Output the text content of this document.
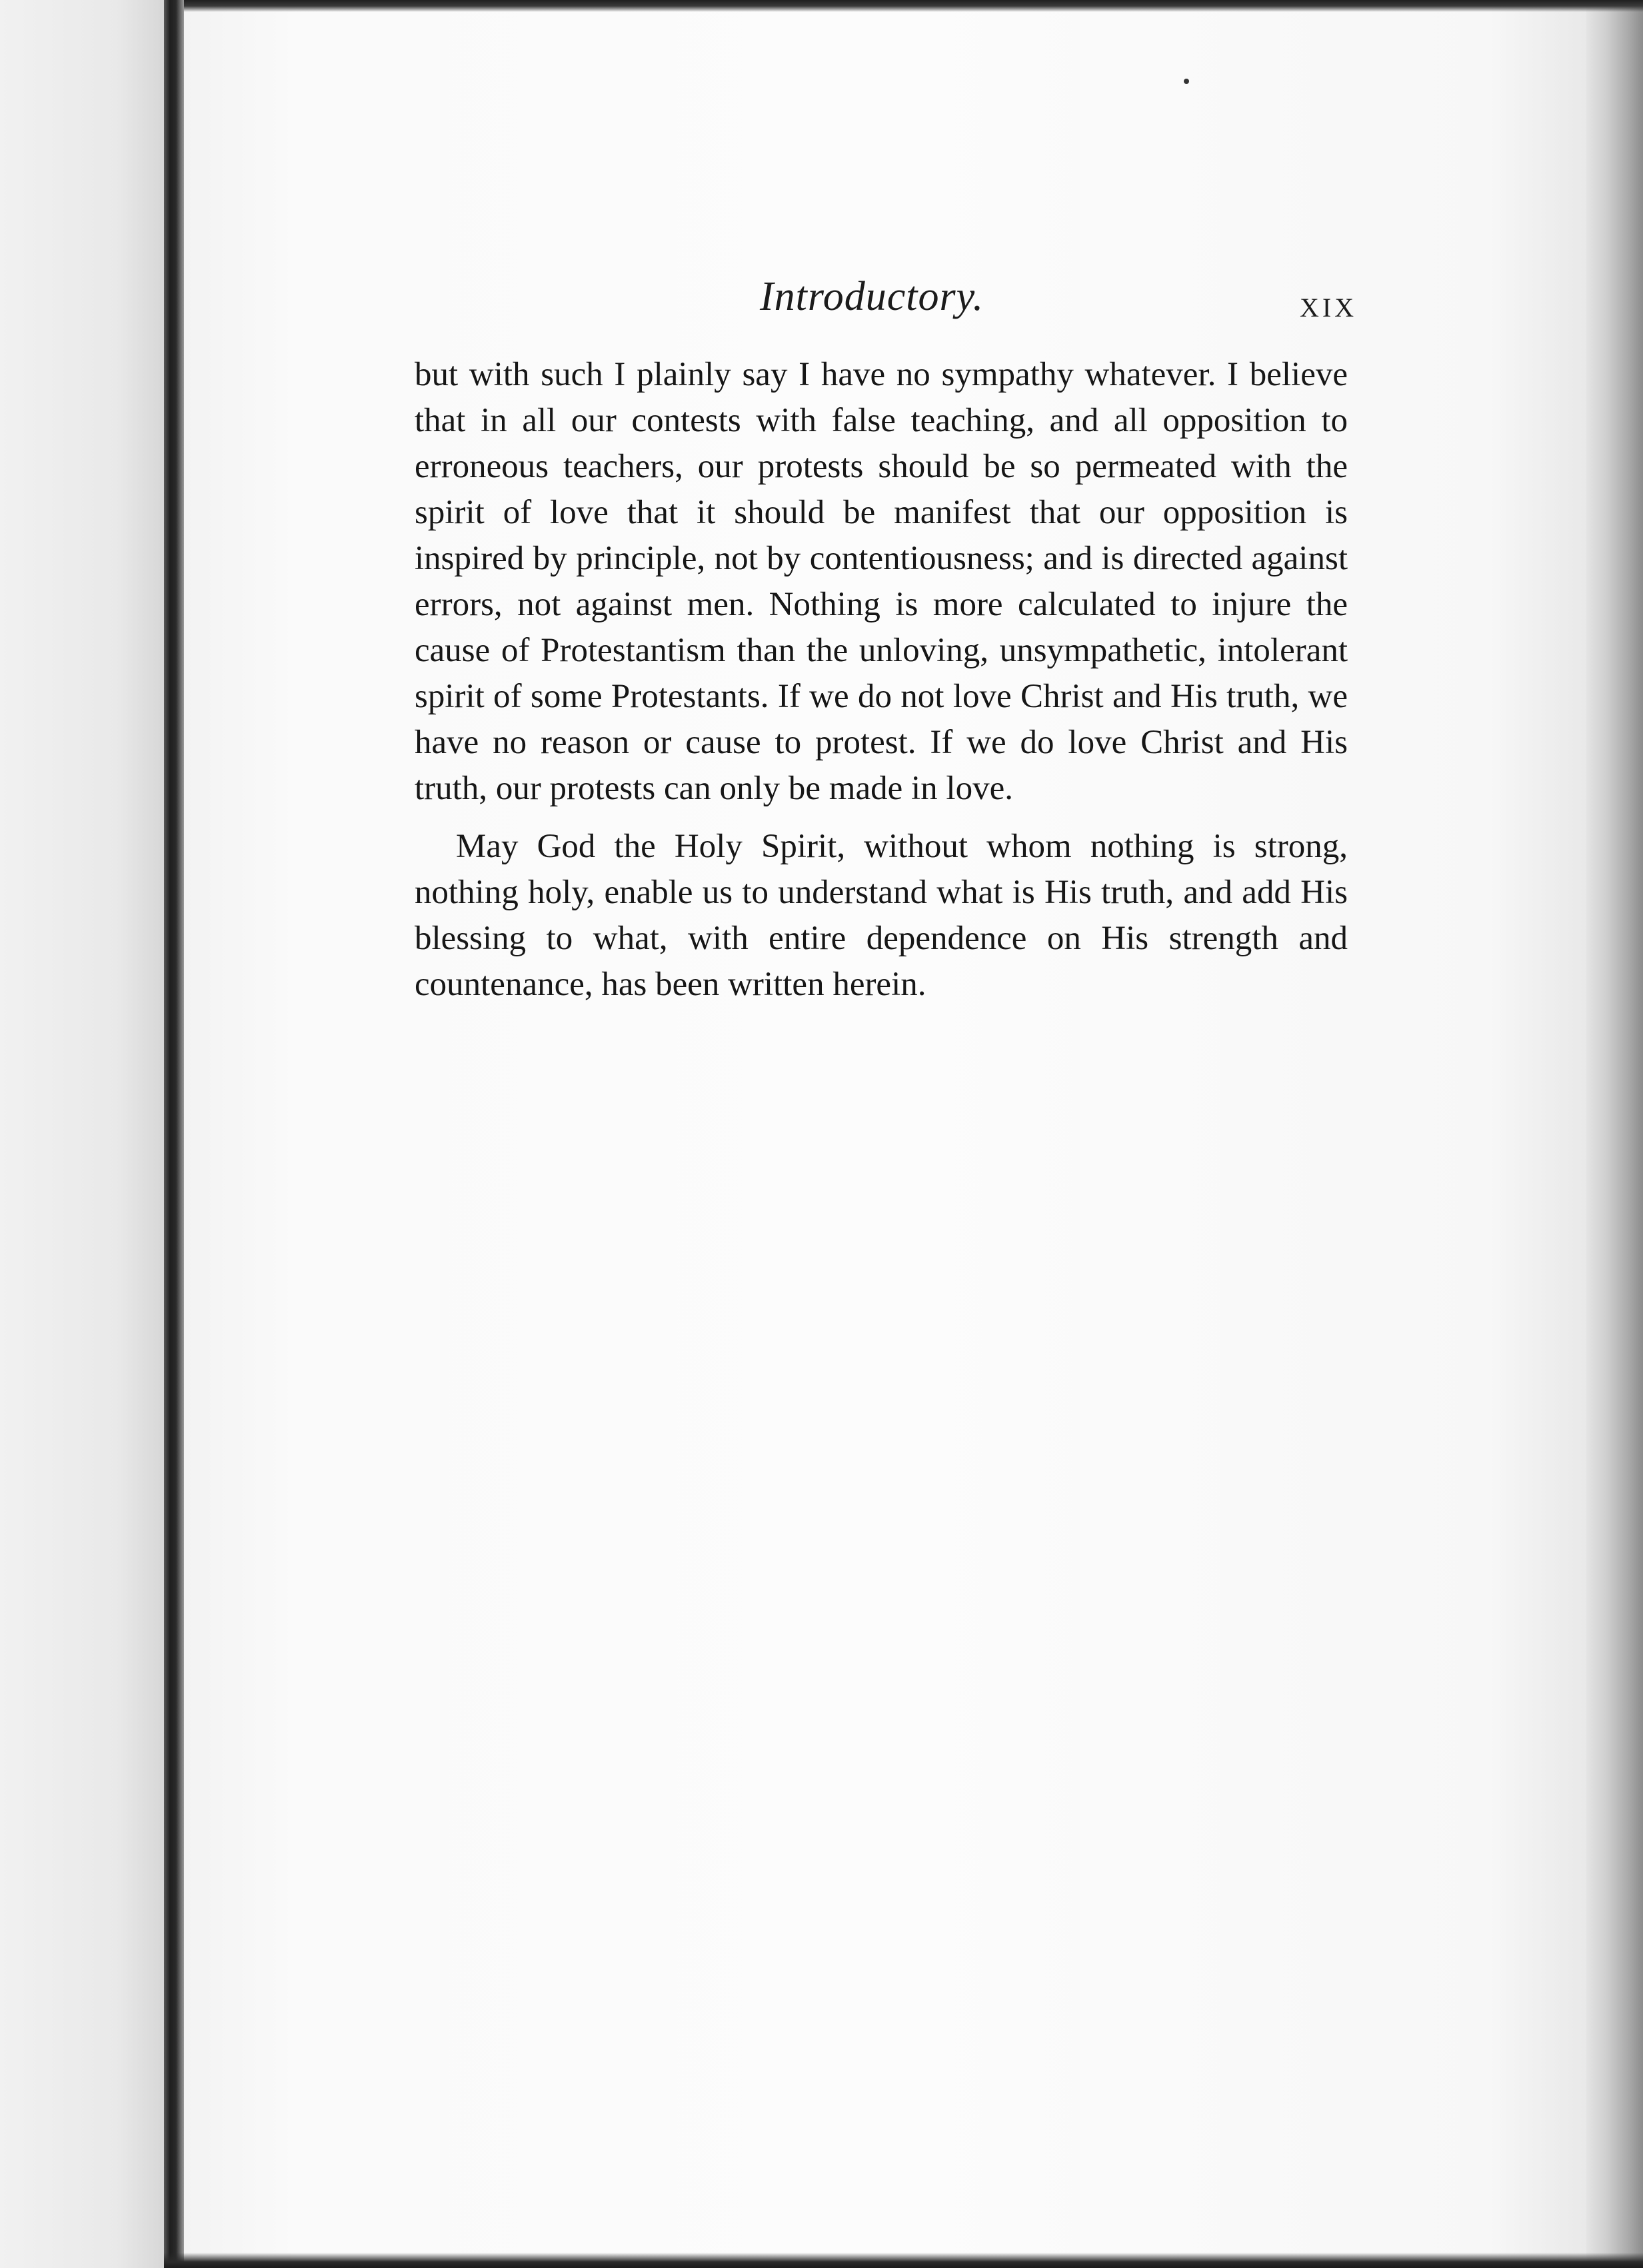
Introductory.	XIX

but with such I plainly say I have no sympathy whatever. I believe that in all our contests with false teaching, and all opposition to erroneous teachers, our protests should be so permeated with the spirit of love that it should be manifest that our opposition is inspired by principle, not by contentiousness; and is directed against errors, not against men. Nothing is more calculated to injure the cause of Protestantism than the unloving, unsympathetic, intolerant spirit of some Protestants. If we do not love Christ and His truth, we have no reason or cause to protest. If we do love Christ and His truth, our protests can only be made in love.

May God the Holy Spirit, without whom nothing is strong, nothing holy, enable us to understand what is His truth, and add His blessing to what, with entire dependence on His strength and countenance, has been written herein.
